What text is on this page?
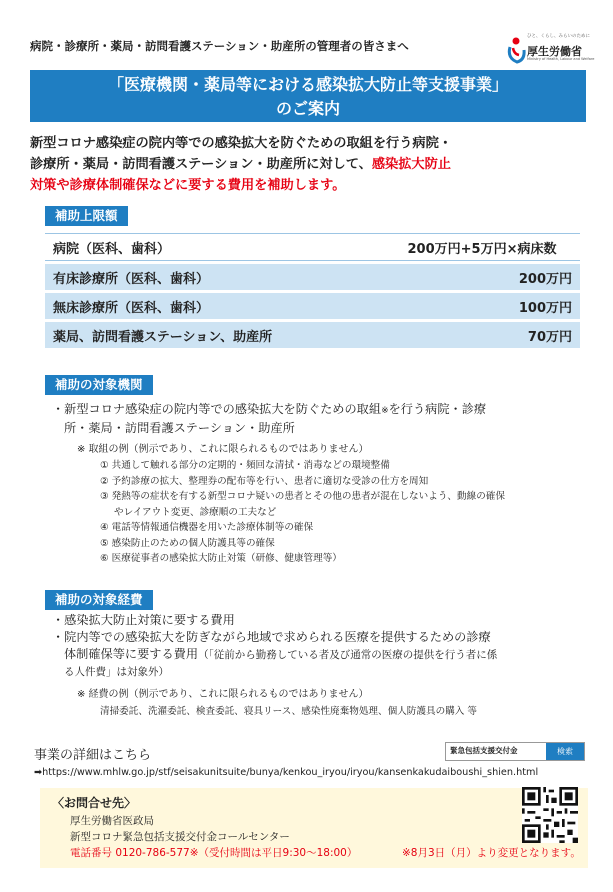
病院・診療所・薬局・訪問看護ステーション・助産所の管理者の皆さまへ
ひと、くらし、みらいのために
厚生労働省
Ministry of Health, Labour and Welfare
「医療機関・薬局等における感染拡大防止等支援事業」
のご案内
新型コロナ感染症の院内等での感染拡大を防ぐための取組を行う病院・
診療所・薬局・訪問看護ステーション・助産所に対して、感染拡大防止
対策や診療体制確保などに要する費用を補助します。
補助上限額
病院（医科、歯科）	200万円+5万円×病床数
有床診療所（医科、歯科）	200万円
無床診療所（医科、歯科）	100万円
薬局、訪問看護ステーション、助産所	70万円
補助の対象機関
・新型コロナ感染症の院内等での感染拡大を防ぐための取組※を行う病院・診療
所・薬局・訪問看護ステーション・助産所
※ 取組の例（例示であり、これに限られるものではありません）
① 共通して触れる部分の定期的・頻回な清拭・消毒などの環境整備
② 予約診療の拡大、整理券の配布等を行い、患者に適切な受診の仕方を周知
③ 発熱等の症状を有する新型コロナ疑いの患者とその他の患者が混在しないよう、動線の確保
やレイアウト変更、診療順の工夫など
④ 電話等情報通信機器を用いた診療体制等の確保
⑤ 感染防止のための個人防護具等の確保
⑥ 医療従事者の感染拡大防止対策（研修、健康管理等）
補助の対象経費
・感染拡大防止対策に要する費用
・院内等での感染拡大を防ぎながら地域で求められる医療を提供するための診療
体制確保等に要する費用（「従前から勤務している者及び通常の医療の提供を行う者に係
る人件費」は対象外）
※ 経費の例（例示であり、これに限られるものではありません）
清掃委託、洗濯委託、検査委託、寝具リース、感染性廃棄物処理、個人防護具の購入 等
事業の詳細はこちら	緊急包括支援交付金	検索
➡https://www.mhlw.go.jp/stf/seisakunitsuite/bunya/kenkou_iryou/iryou/kansenkakudaiboushi_shien.html
〈お問合せ先〉
厚生労働省医政局
新型コロナ緊急包括支援交付金コールセンター
電話番号 0120-786-577※（受付時間は平日9:30～18:00）	※8月3日（月）より変更となります。
